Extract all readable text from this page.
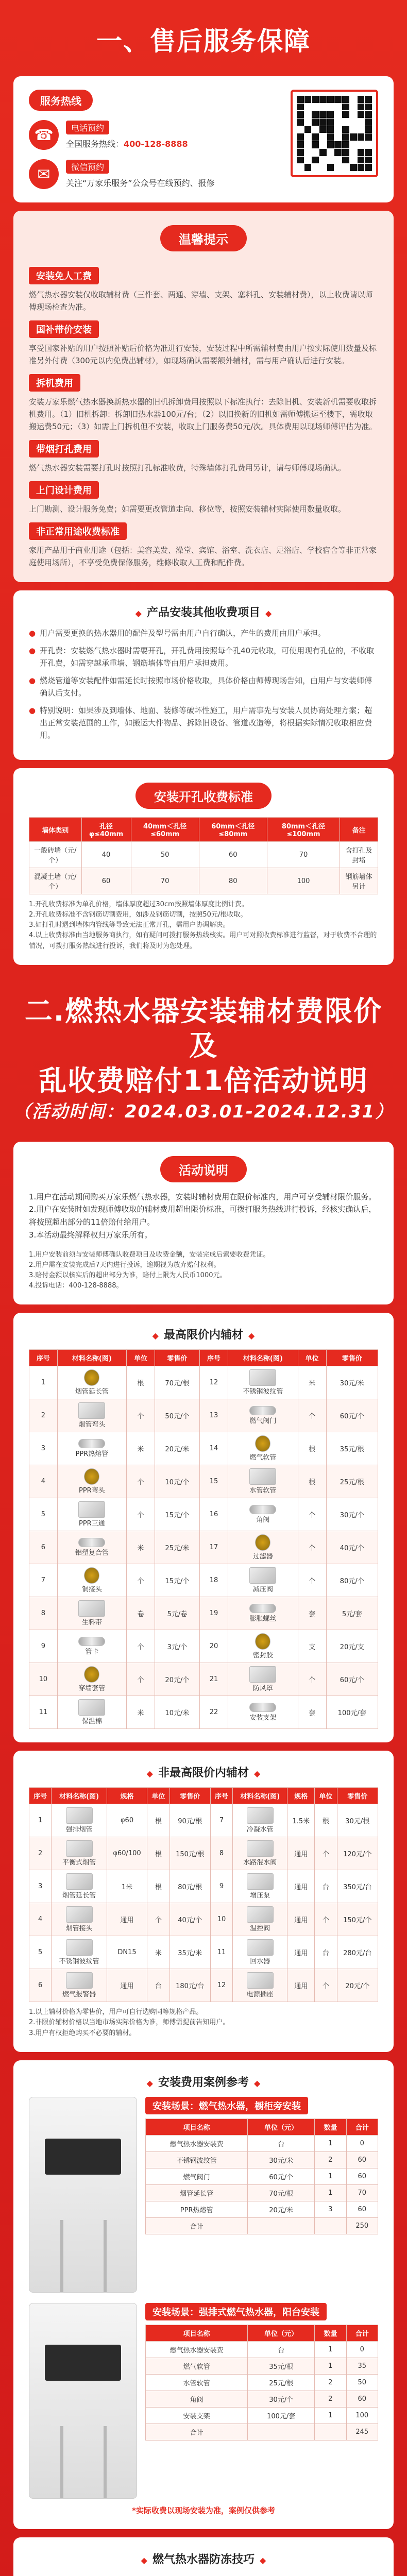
一、售后服务保障
服务热线
☎	电话预约
全国服务热线：400-128-8888
✉	微信预约
关注“万家乐服务”公众号在线预约、报修
温馨提示
安装免人工费
燃气热水器安装仅收取辅材费（三件套、两通、穿墙、支架、塞料孔、安装辅材费），以上收费请以师傅现场检查为准。
国补带价安装
享受国家补贴的用户按照补贴后价格为准进行安装，安装过程中所需辅材费由用户按实际使用数量及标准另外付费（300元以内免费出辅材），如现场确认需要额外辅材，需与用户确认后进行安装。
拆机费用
安装万家乐燃气热水器换新热水器的旧机拆卸费用按照以下标准执行：去除旧机、安装新机需要收取拆机费用。（1）旧机拆卸：拆卸旧热水器100元/台；（2）以旧换新的旧机如需师傅搬运至楼下，需收取搬运费50元；（3）如需上门拆机但不安装，收取上门服务费50元/次。具体费用以现场师傅评估为准。
带烟打孔费用
燃气热水器安装需要打孔时按照打孔标准收费，特殊墙体打孔费用另计，请与师傅现场确认。
上门设计费用
上门勘测、设计服务免费；如需要更改管道走向、移位等，按照安装辅材实际使用数量收取。
非正常用途收费标准
家用产品用于商业用途（包括：美容美发、澡堂、宾馆、浴室、洗衣店、足浴店、学校宿舍等非正常家庭使用场所），不享受免费保修服务，维修收取人工费和配件费。
◆ 产品安装其他收费项目 ◆
● 用户需要更换的热水器用的配件及型号需由用户自行确认，产生的费用由用户承担。
● 开孔费：安装燃气热水器时需要开孔，开孔费用按照每个孔40元收取，可使用现有孔位的，不收取开孔费，如需穿越承重墙、钢筋墙体等由用户承担费用。
● 燃烧管道等安装配件如需延长时按照市场价格收取，具体价格由师傅现场告知，由用户与安装师傅确认后支付。
● 特别说明：如果涉及到墙体、地面、装修等破坏性施工，用户需事先与安装人员协商处理方案；超出正常安装范围的工作，如搬运大件物品、拆除旧设备、管道改造等，将根据实际情况收取相应费用。
安装开孔收费标准
墙体类别	孔径φ≤40mm	40mm＜孔径≤60mm	60mm＜孔径≤80mm	80mm＜孔径≤100mm	备注
一般砖墙（元/个）	40	50	60	70	含打孔及封堵
混凝土墙（元/个）	60	70	80	100	钢筋墙体另计
1.开孔收费标准为单孔价格，墙体厚度超过30cm按照墙体厚度比例计费。
2.开孔收费标准不含钢筋切割费用，如涉及钢筋切割，按照50元/根收取。
3.如打孔时遇到墙体内管线等导致无法正常开孔，需用户协调解决。
4.以上收费标准由当地服务商执行，如有疑问可拨打服务热线核实。用户可对照收费标准进行监督，对于收费不合理的情况，可拨打服务热线进行投诉，我们将及时为您处理。
二.燃热水器安装辅材费限价及
乱收费赔付11倍活动说明
（活动时间：2024.03.01-2024.12.31）
活动说明

1.用户在活动期间购买万家乐燃气热水器，安装时辅材费用在限价标准内，用户可享受辅材限价服务。

2.用户在安装时如发现师傅收取的辅材费用超出限价标准，可拨打服务热线进行投诉，经核实确认后，将按照超出部分的11倍赔付给用户。

3.本活动最终解释权归万家乐所有。

1.用户安装前须与安装师傅确认收费项目及收费金额，安装完成后索要收费凭证。
2.用户需在安装完成后7天内进行投诉，逾期视为放弃赔付权利。
3.赔付金额以核实后的超出部分为准，赔付上限为人民币1000元。
4.投诉电话：400-128-8888。
◆ 最高限价内辅材 ◆
序号	材料名称(图)	单位	零售价	序号	材料名称(图)	单位	零售价
1	烟管延长管	根	70元/根	12	不锈钢波纹管	米	30元/米
2	烟管弯头	个	50元/个	13	燃气阀门	个	60元/个
3	PPR热熔管	米	20元/米	14	燃气软管	根	35元/根
4	PPR弯头	个	10元/个	15	水管软管	根	25元/根
5	PPR三通	个	15元/个	16	角阀	个	30元/个
6	铝塑复合管	米	25元/米	17	过滤器	个	40元/个
7	铜接头	个	15元/个	18	减压阀	个	80元/个
8	生料带	卷	5元/卷	19	膨胀螺丝	套	5元/套
9	管卡	个	3元/个	20	密封胶	支	20元/支
10	穿墙套管	个	20元/个	21	防风罩	个	60元/个
11	保温棉	米	10元/米	22	安装支架	套	100元/套
◆ 非最高限价内辅材 ◆
序号	材料名称(图)	规格	单位	零售价	序号	材料名称(图)	规格	单位	零售价
1	强排烟管	φ60	根	90元/根	7	冷凝水管	1.5米	根	30元/根
2	平衡式烟管	φ60/100	根	150元/根	8	水路混水阀	通用	个	120元/个
3	烟管延长管	1米	根	80元/根	9	增压泵	通用	台	350元/台
4	烟管接头	通用	个	40元/个	10	温控阀	通用	个	150元/个
5	不锈钢波纹管	DN15	米	35元/米	11	回水器	通用	台	280元/台
6	燃气报警器	通用	台	180元/台	12	电源插座	通用	个	20元/个
1.以上辅材价格为零售价，用户可自行选购同等规格产品。
2.非限价辅材价格以当地市场实际价格为准，师傅需提前告知用户。
3.用户有权拒绝购买不必要的辅材。
◆ 安装费用案例参考 ◆
安装场景：燃气热水器，橱柜旁安装
项目名称	单位（元）	数量	合计
燃气热水器安装费	台	1	0
不锈钢波纹管	30元/米	2	60
燃气阀门	60元/个	1	60
烟管延长管	70元/根	1	70
PPR热熔管	20元/米	3	60
合计			250
安装场景：强排式燃气热水器，阳台安装
项目名称	单位（元）	数量	合计
燃气热水器安装费	台	1	0
燃气软管	35元/根	1	35
水管软管	25元/根	2	50
角阀	30元/个	2	60
安装支架	100元/套	1	100
合计			245
*实际收费以现场安装为准，案例仅供参考
◆ 燃气热水器防冻技巧 ◆
